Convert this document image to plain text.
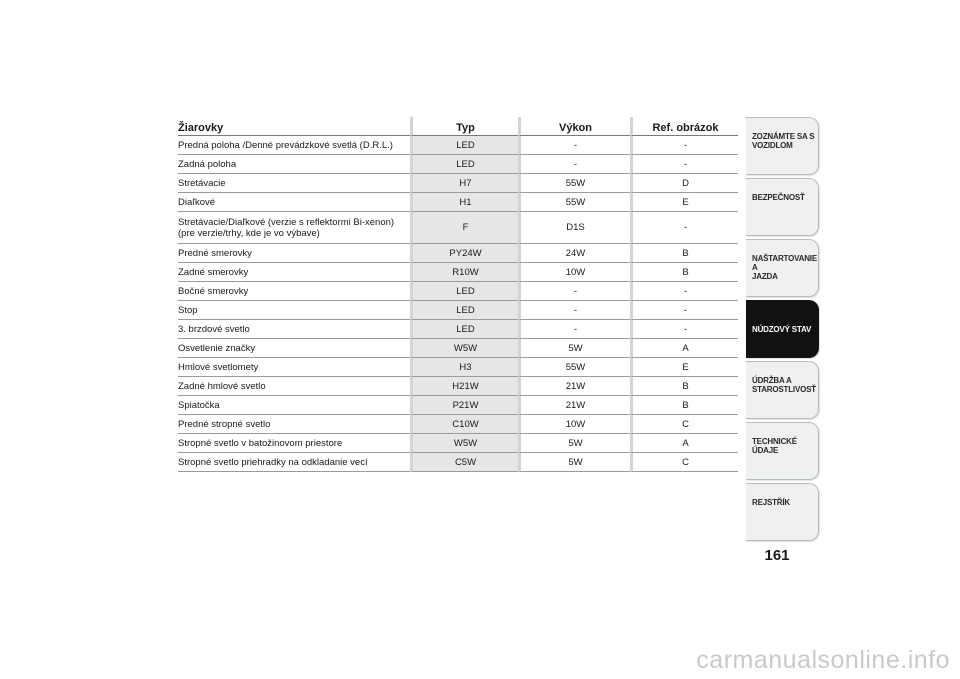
Žiarovky	Typ	Výkon	Ref. obrázok

Predná poloha /Denné prevádzkové svetlá (D.R.L.)	LED	-	-

Zadná poloha	LED	-	-

Stretávacie	H7	55W	D

Diaľkové	H1	55W	E

Stretávacie/Diaľkové (verzie s reflektormi Bi-xenon)
(pre verzie/trhy, kde je vo výbave)	F	D1S	-

Predné smerovky	PY24W	24W	B

Zadné smerovky	R10W	10W	B

Bočné smerovky	LED	-	-

Stop	LED	-	-

3. brzdové svetlo	LED	-	-

Osvetlenie značky	W5W	5W	A

Hmlové svetlomety	H3	55W	E

Zadné hmlové svetlo	H21W	21W	B

Spiatočka	P21W	21W	B

Predné stropné svetlo	C10W	10W	C

Stropné svetlo v batožinovom priestore	W5W	5W	A

Stropné svetlo priehradky na odkladanie vecí	C5W	5W	C
ZOZNÁMTE SA S
VOZIDLOM
BEZPEČNOSŤ
NAŠTARTOVANIE A
JAZDA
NÚDZOVÝ STAV
ÚDRŽBA A
STAROSTLIVOSŤ
TECHNICKÉ ÚDAJE
REJSTŘÍK
161
carmanualsonline.info
